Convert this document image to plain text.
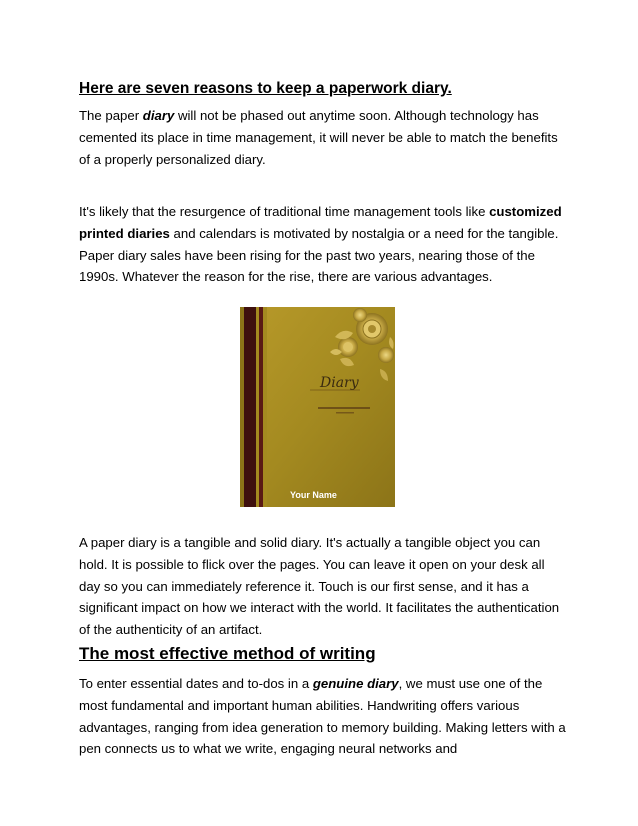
Here are seven reasons to keep a paperwork diary.

The paper diary will not be phased out anytime soon. Although technology has cemented its place in time management, it will never be able to match the benefits of a properly personalized diary.

It's likely that the resurgence of traditional time management tools like customized printed diaries and calendars is motivated by nostalgia or a need for the tangible. Paper diary sales have been rising for the past two years, nearing those of the 1990s. Whatever the reason for the rise, there are various advantages.

Diary
Your Name

A paper diary is a tangible and solid diary. It's actually a tangible object you can hold. It is possible to flick over the pages. You can leave it open on your desk all day so you can immediately reference it. Touch is our first sense, and it has a significant impact on how we interact with the world. It facilitates the authentication of the authenticity of an artifact.

The most effective method of writing

To enter essential dates and to-dos in a genuine diary, we must use one of the most fundamental and important human abilities. Handwriting offers various advantages, ranging from idea generation to memory building. Making letters with a pen connects us to what we write, engaging neural networks and
